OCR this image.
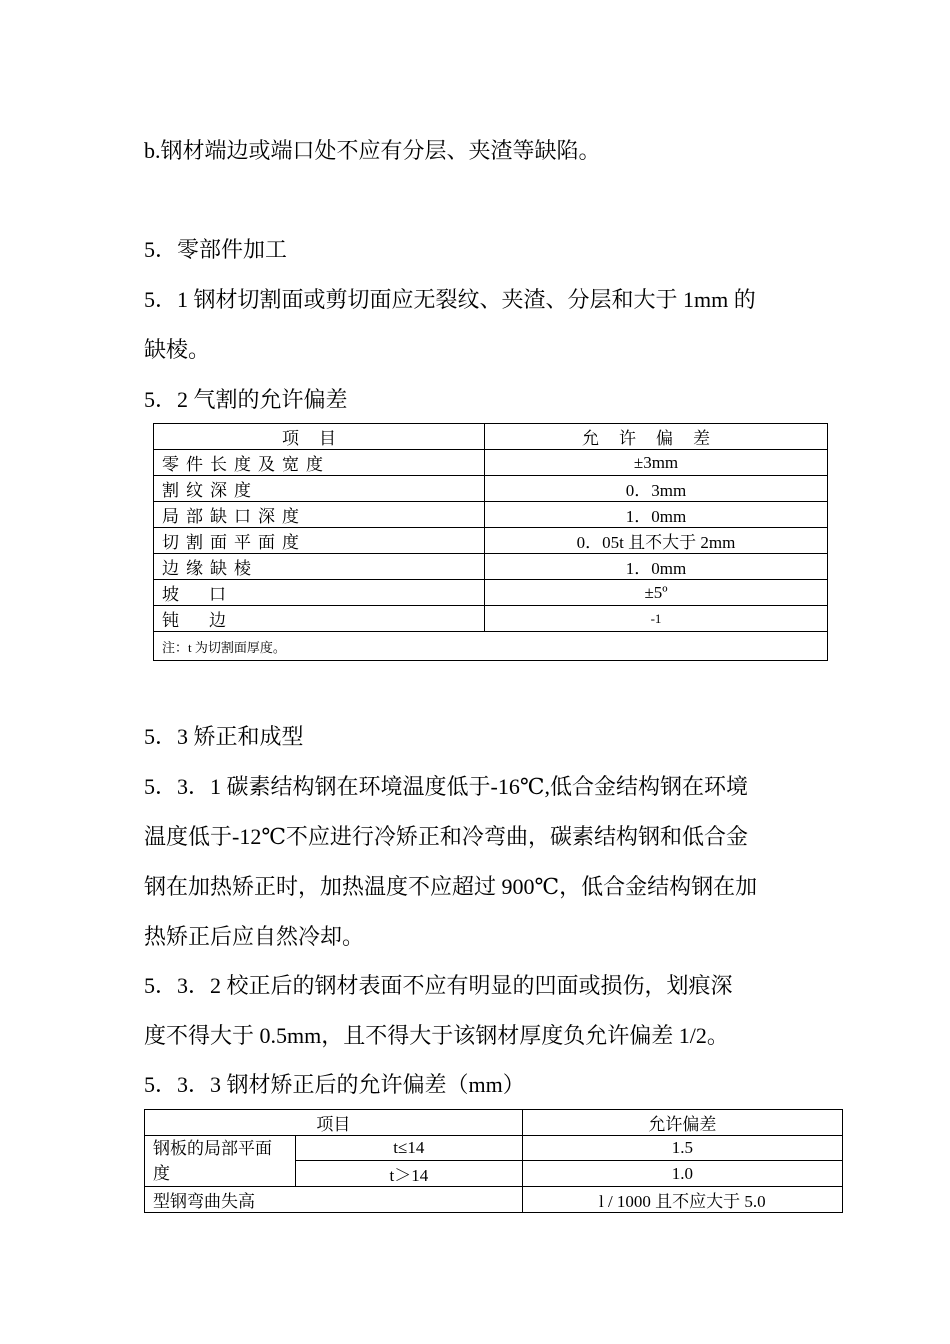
b.钢材端边或端口处不应有分层、夹渣等缺陷。

5．零部件加工

5．1 钢材切割面或剪切面应无裂纹、夹渣、分层和大于 1mm 的

缺棱。

5．2 气割的允许偏差

项目	允许偏差
零件长度及宽度	±3mm
割纹深度	0．3mm
局部缺口深度	1．0mm
切割面平面度	0．05t 且不大于 2mm
边缘缺棱	1．0mm
坡口	±5º
钝边	-1
注：t 为切割面厚度。	

5．3 矫正和成型

5．3．1 碳素结构钢在环境温度低于-16℃,低合金结构钢在环境

温度低于-12℃不应进行冷矫正和冷弯曲，碳素结构钢和低合金

钢在加热矫正时，加热温度不应超过 900℃，低合金结构钢在加

热矫正后应自然冷却。

5．3．2 校正后的钢材表面不应有明显的凹面或损伤，划痕深

度不得大于 0.5mm，且不得大于该钢材厚度负允许偏差 1/2。

5．3．3 钢材矫正后的允许偏差（mm）

项目		允许偏差
钢板的局部平面
度	t≤14	1.5
	t＞14	1.0
型钢弯曲失高		l / 1000 且不应大于 5.0
